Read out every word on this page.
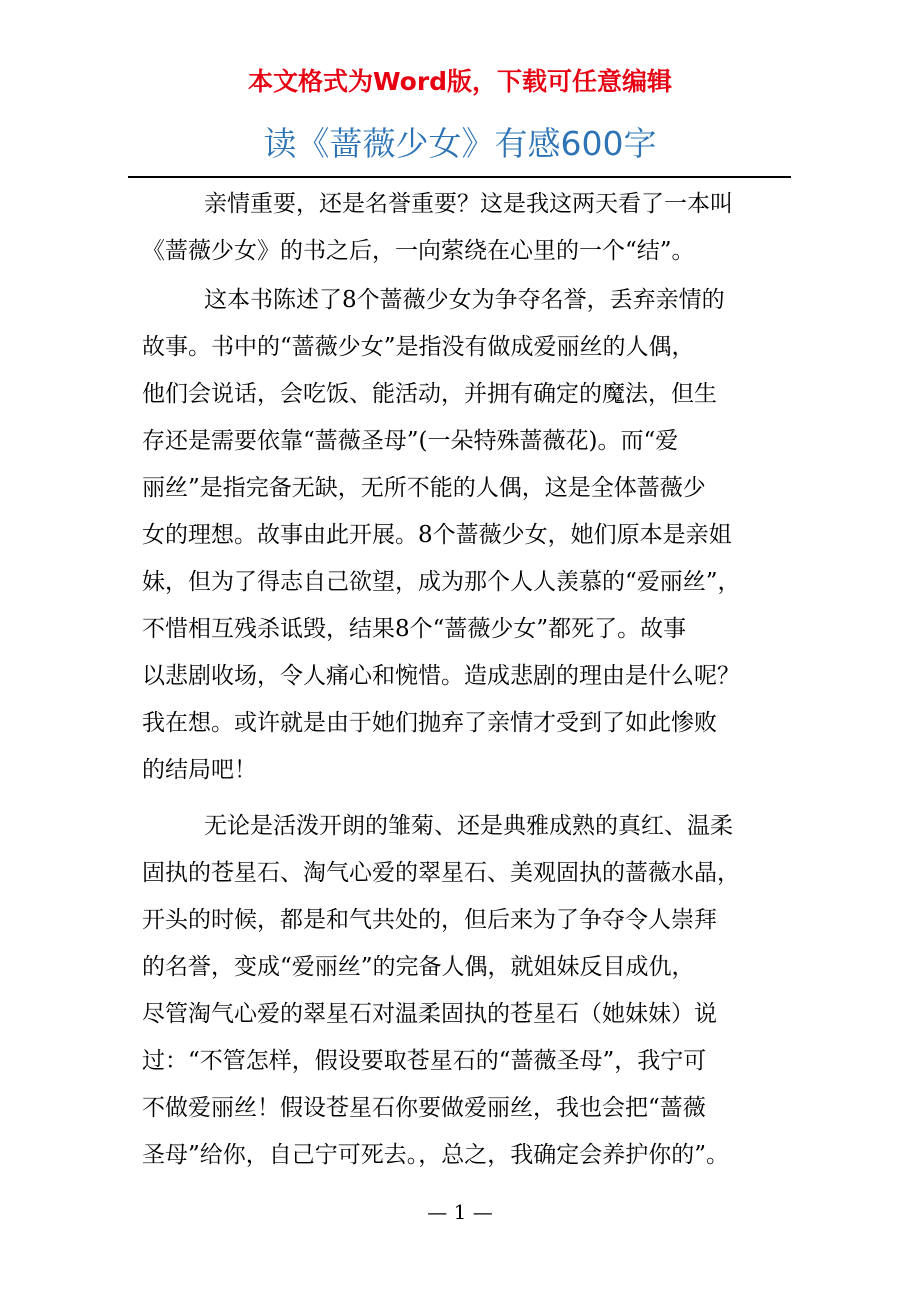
本文格式为Word版，下载可任意编辑
读《蔷薇少女》有感600字
亲情重要，还是名誉重要？这是我这两天看了一本叫
《蔷薇少女》的书之后，一向萦绕在心里的一个“结”。
这本书陈述了8个蔷薇少女为争夺名誉，丢弃亲情的
故事。书中的“蔷薇少女”是指没有做成爱丽丝的人偶，
他们会说话，会吃饭、能活动，并拥有确定的魔法，但生
存还是需要依靠“蔷薇圣母”(一朵特殊蔷薇花)。而“爱
丽丝”是指完备无缺，无所不能的人偶，这是全体蔷薇少
女的理想。故事由此开展。8个蔷薇少女，她们原本是亲姐
妹，但为了得志自己欲望，成为那个人人羡慕的“爱丽丝”，
不惜相互残杀诋毁，结果8个“蔷薇少女”都死了。故事
以悲剧收场，令人痛心和惋惜。造成悲剧的理由是什么呢？
我在想。或许就是由于她们抛弃了亲情才受到了如此惨败
的结局吧！
无论是活泼开朗的雏菊、还是典雅成熟的真红、温柔
固执的苍星石、淘气心爱的翠星石、美观固执的蔷薇水晶，
开头的时候，都是和气共处的，但后来为了争夺令人崇拜
的名誉，变成“爱丽丝”的完备人偶，就姐妹反目成仇，
尽管淘气心爱的翠星石对温柔固执的苍星石（她妹妹）说
过：“不管怎样，假设要取苍星石的“蔷薇圣母”，我宁可
不做爱丽丝！假设苍星石你要做爱丽丝，我也会把“蔷薇
圣母”给你，自己宁可死去。，总之，我确定会养护你的”。
— 1 —
